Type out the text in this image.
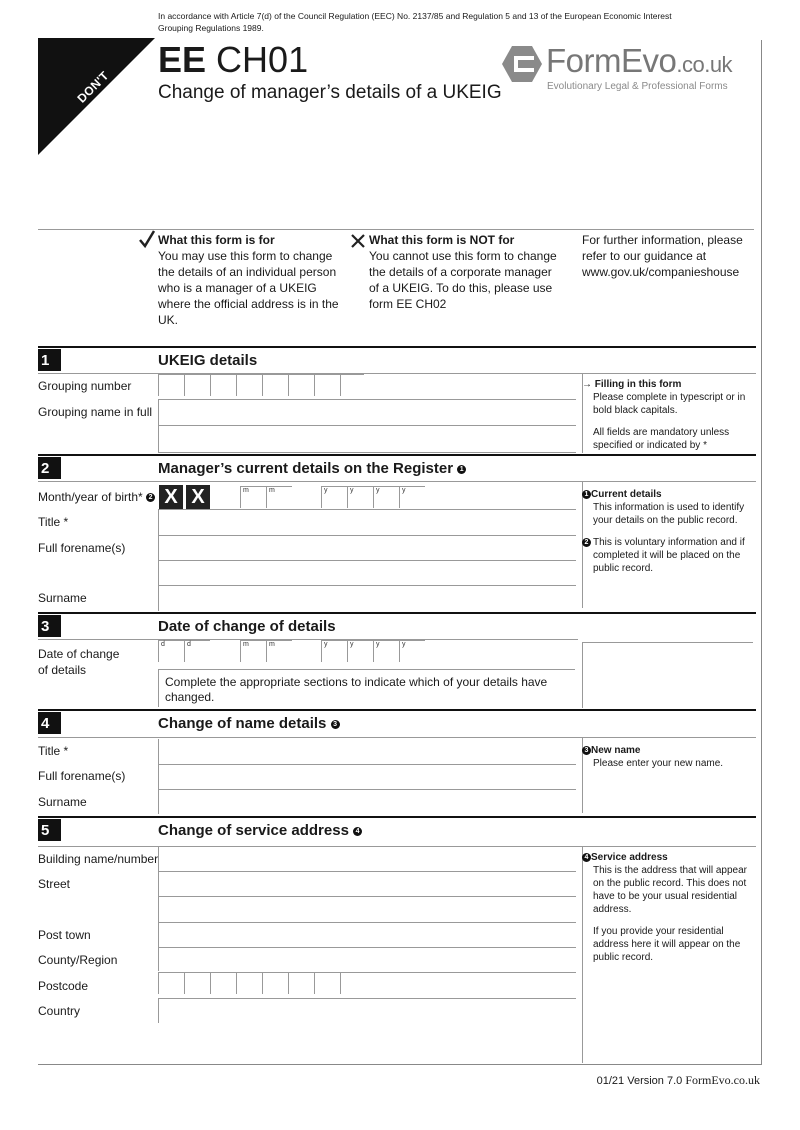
In accordance with Article 7(d) of the Council Regulation (EEC) No. 2137/85 and Regulation 5 and 13 of the European Economic Interest Grouping Regulations 1989.
DON'T STAPLE
EE CH01
Change of manager’s details of a UKEIG
FormEvo.co.uk
Evolutionary Legal & Professional Forms
What this form is for
You may use this form to change the details of an individual person who is a manager of a UKEIG where the official address is in the UK.
What this form is NOT for
You cannot use this form to change the details of a corporate manager of a UKEIG. To do this, please use form EE CH02
For further information, please refer to our guidance at www.gov.uk/companieshouse
1	UKEIG details
Grouping number
Grouping name in full
→ Filling in this form

Please complete in typescript or in bold black capitals.

All fields are mandatory unless specified or indicated by *

2	Manager’s current details on the Register 1
Month/year of birth* 2 X X	m	m	y	y	y	y
Title *
Full forename(s)
Surname
1 Current details

This information is used to identify your details on the public record.

2 This is voluntary information and if completed it will be placed on the public record.
3	Date of change of details
Date of change
of details
d	d	m	m	y	y	y	y
Complete the appropriate sections to indicate which of your details have changed.
4	Change of name details 3
Title *
Full forename(s)
Surname
3 New name

Please enter your new name.

5	Change of service address 4
Building name/number
Street
Post town
County/Region
Postcode
Country
4 Service address

This is the address that will appear on the public record. This does not have to be your usual residential address.

If you provide your residential address here it will appear on the public record.

01/21 Version 7.0 FormEvo.co.uk
